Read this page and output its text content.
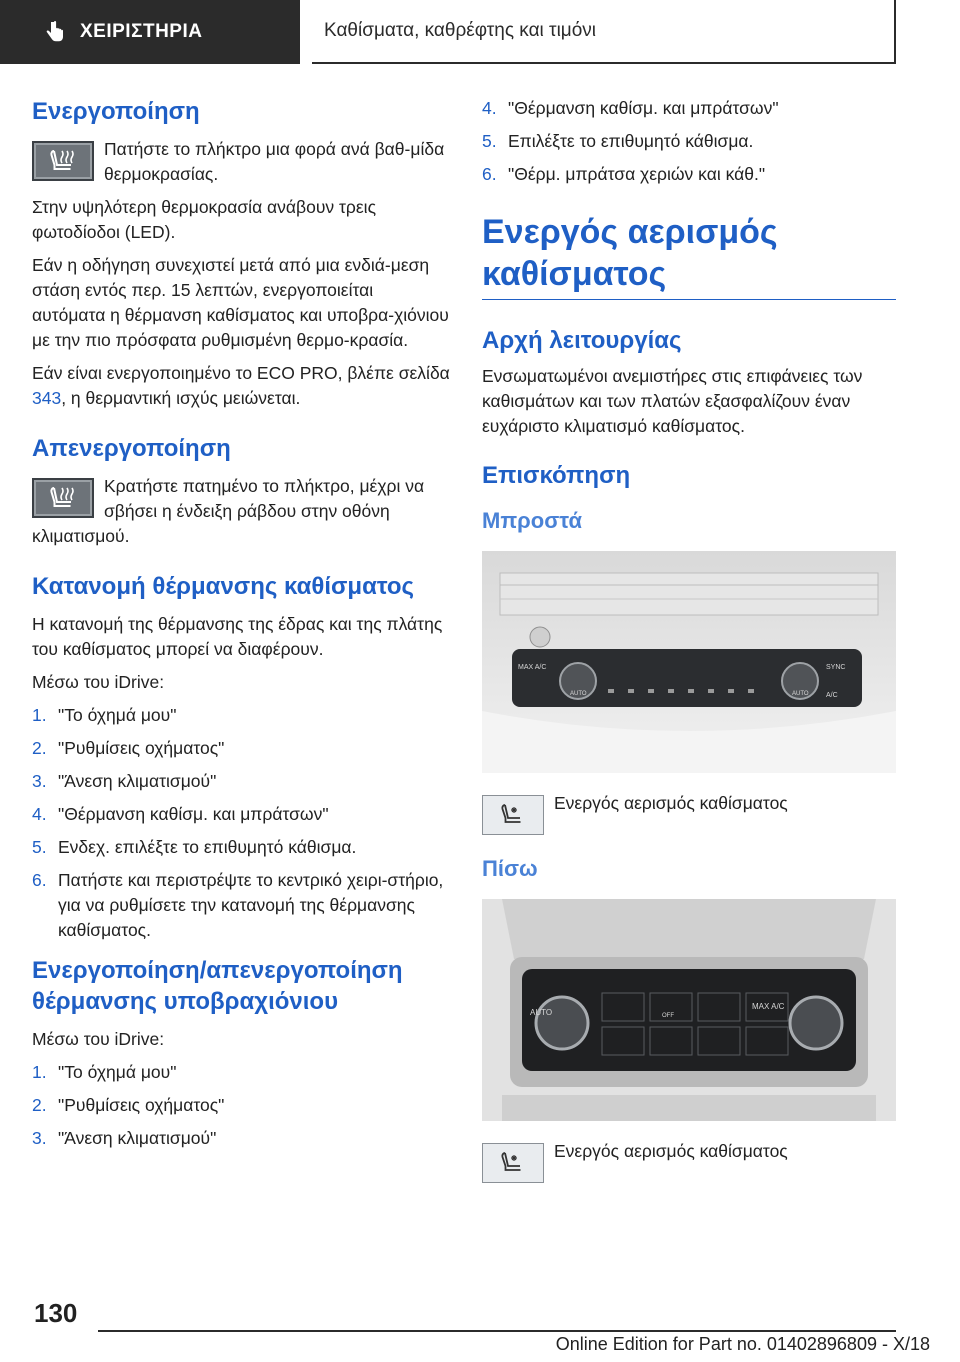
ΧΕΙΡΙΣΤΗΡΙΑ	Καθίσματα, καθρέφτης και τιμόνι
Ενεργοποίηση

Πατήστε το πλήκτρο μια φορά ανά βαθ-μίδα θερμοκρασίας.

Στην υψηλότερη θερμοκρασία ανάβουν τρεις φωτοδίοδοι (LED).

Εάν η οδήγηση συνεχιστεί μετά από μια ενδιά-μεση στάση εντός περ. 15 λεπτών, ενεργοποιείται αυτόματα η θέρμανση καθίσματος και υποβρα-χιόνιου με την πιο πρόσφατα ρυθμισμένη θερμο-κρασία.

Εάν είναι ενεργοποιημένο το ECO PRO, βλέπε σελίδα 343, η θερμαντική ισχύς μειώνεται.

Απενεργοποίηση

Κρατήστε πατημένο το πλήκτρο, μέχρι να σβήσει η ένδειξη ράβδου στην οθόνη

κλιματισμού.

Κατανομή θέρμανσης καθίσματος

Η κατανομή της θέρμανσης της έδρας και της πλάτης του καθίσματος μπορεί να διαφέρουν.

Μέσω του iDrive:

1. "Το όχημά μου"
2. "Ρυθμίσεις οχήματος"
3. "Άνεση κλιματισμού"
4. "Θέρμανση καθίσμ. και μπράτσων"
5. Ενδεχ. επιλέξτε το επιθυμητό κάθισμα.
6. Πατήστε και περιστρέψτε το κεντρικό χειρι-στήριο, για να ρυθμίσετε την κατανομή της θέρμανσης καθίσματος.
Ενεργοποίηση/απενεργοποίηση θέρμανσης υποβραχιόνιου

Μέσω του iDrive:

1. "Το όχημά μου"
2. "Ρυθμίσεις οχήματος"
3. "Άνεση κλιματισμού"
4. "Θέρμανση καθίσμ. και μπράτσων"
5. Επιλέξτε το επιθυμητό κάθισμα.
6. "Θέρμ. μπράτσα χεριών και κάθ."
Ενεργός αερισμός καθίσματος
Αρχή λειτουργίας

Ενσωματωμένοι ανεμιστήρες στις επιφάνειες των καθισμάτων και των πλατών εξασφαλίζουν έναν ευχάριστο κλιματισμό καθίσματος.

Επισκόπηση
Μπροστά
MAX A/C
AUTO
SYNC
AUTO A/C

Ενεργός αερισμός καθίσματος

Πίσω
AUTO	OFF
MAX A/C

Ενεργός αερισμός καθίσματος

130
Online Edition for Part no. 01402896809 - X/18
